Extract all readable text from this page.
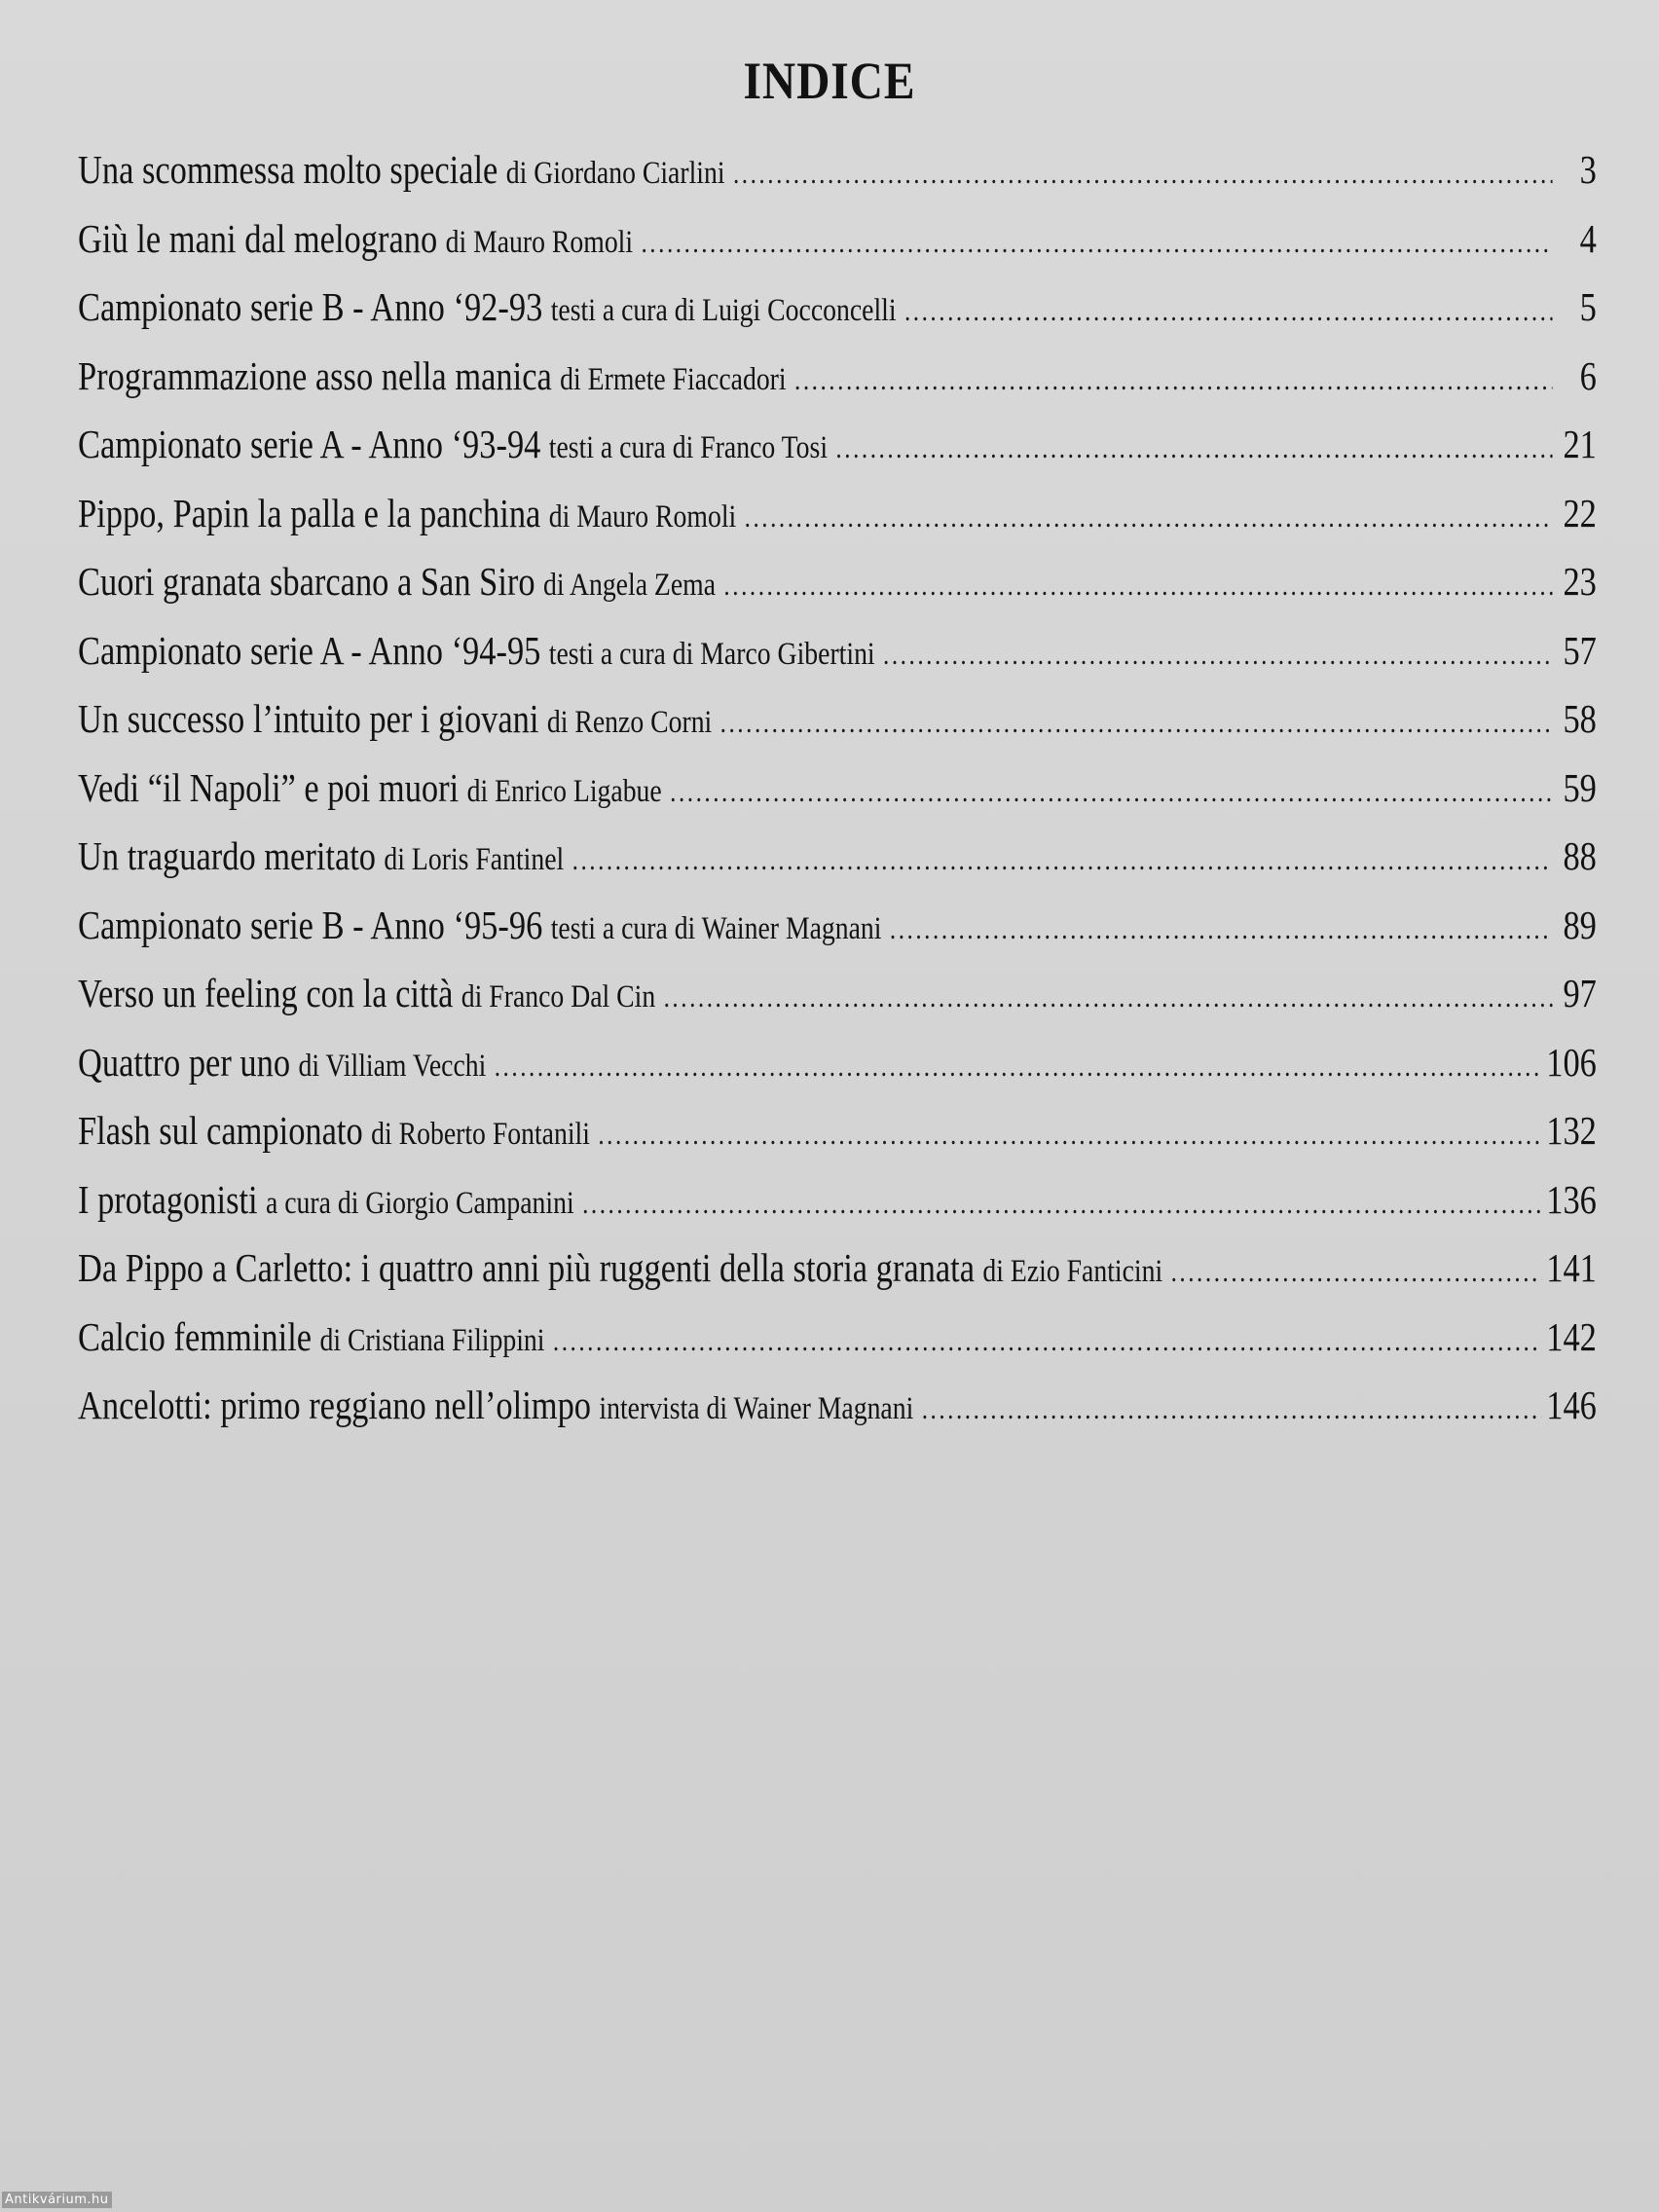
INDICE
Una scommessa molto speciale di Giordano Ciarlini .....	3
Giù le mani dal melograno di Mauro Romoli .....	4
Campionato serie B - Anno ‘92-93 testi a cura di Luigi Cocconcelli .....	5
Programmazione asso nella manica di Ermete Fiaccadori .....	6
Campionato serie A - Anno ‘93-94 testi a cura di Franco Tosi .....	21
Pippo, Papin la palla e la panchina di Mauro Romoli .....	22
Cuori granata sbarcano a San Siro di Angela Zema .....	23
Campionato serie A - Anno ‘94-95 testi a cura di Marco Gibertini .....	57
Un successo l’intuito per i giovani di Renzo Corni .....	58
Vedi “il Napoli” e poi muori di Enrico Ligabue .....	59
Un traguardo meritato di Loris Fantinel .....	88
Campionato serie B - Anno ‘95-96 testi a cura di Wainer Magnani .....	89
Verso un feeling con la città di Franco Dal Cin .....	97
Quattro per uno di Villiam Vecchi .....	106
Flash sul campionato di Roberto Fontanili .....	132
I protagonisti a cura di Giorgio Campanini .....	136
Da Pippo a Carletto: i quattro anni più ruggenti della storia granata di Ezio Fanticini .....	141
Calcio femminile di Cristiana Filippini .....	142
Ancelotti: primo reggiano nell’olimpo intervista di Wainer Magnani .....	146
Antikvárium.hu
